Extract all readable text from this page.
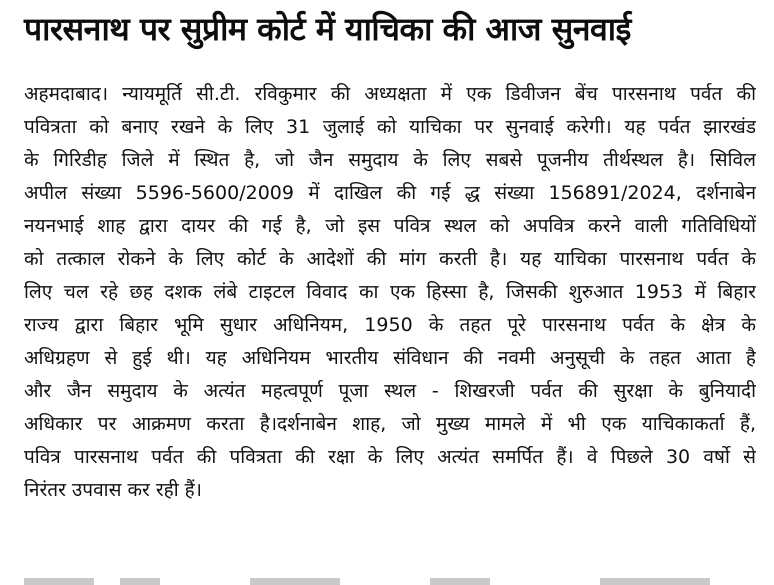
पारसनाथ पर सुप्रीम कोर्ट में याचिका की आज सुनवाई
अहमदाबाद। न्यायमूर्ति सी.टी. रविकुमार की अध्यक्षता में एक डिवीजन बेंच पारसनाथ पर्वत की
पवित्रता को बनाए रखने के लिए 31 जुलाई को याचिका पर सुनवाई करेगी। यह पर्वत झारखंड
के गिरिडीह जिले में स्थित है, जो जैन समुदाय के लिए सबसे पूजनीय तीर्थस्थल है। सिविल
अपील संख्या 5596-5600/2009 में दाखिल की गई द्ध संख्या 156891/2024, दर्शनाबेन
नयनभाई शाह द्वारा दायर की गई है, जो इस पवित्र स्थल को अपवित्र करने वाली गतिविधियों
को तत्काल रोकने के लिए कोर्ट के आदेशों की मांग करती है। यह याचिका पारसनाथ पर्वत के
लिए चल रहे छह दशक लंबे टाइटल विवाद का एक हिस्सा है, जिसकी शुरुआत 1953 में बिहार
राज्य द्वारा बिहार भूमि सुधार अधिनियम, 1950 के तहत पूरे पारसनाथ पर्वत के क्षेत्र के
अधिग्रहण से हुई थी। यह अधिनियम भारतीय संविधान की नवमी अनुसूची के तहत आता है
और जैन समुदाय के अत्यंत महत्वपूर्ण पूजा स्थल - शिखरजी पर्वत की सुरक्षा के बुनियादी
अधिकार पर आक्रमण करता है।दर्शनाबेन शाह, जो मुख्य मामले में भी एक याचिकाकर्ता हैं,
पवित्र पारसनाथ पर्वत की पवित्रता की रक्षा के लिए अत्यंत समर्पित हैं। वे पिछले 30 वर्षो से
निरंतर उपवास कर रही हैं।
